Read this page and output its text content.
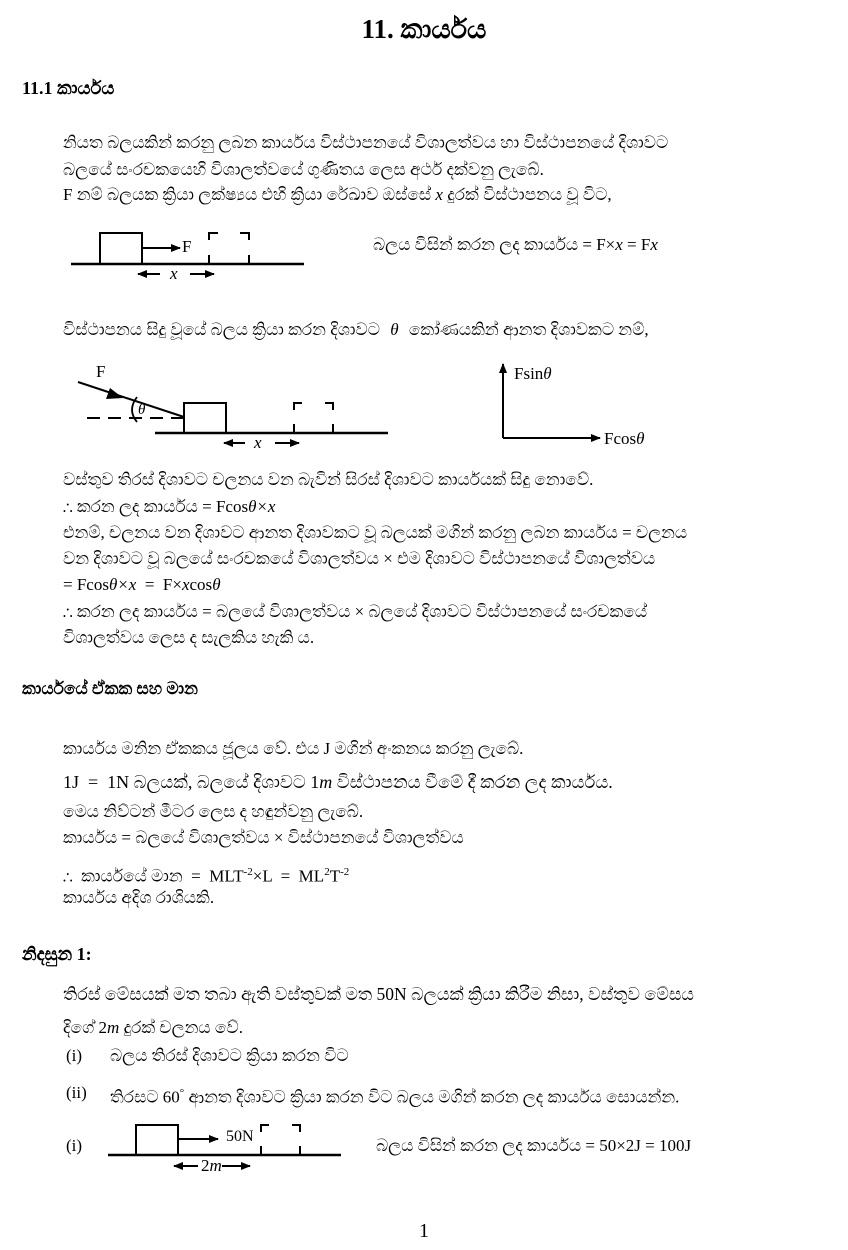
11. කාර්යය
11.1 කාර්යය
නියත බලයකින් කරනු ලබන කාර්යය විස්ථාපනයේ විශාලත්වය හා විස්ථාපනයේ දිශාවට
බලයේ සංරචකයෙහි විශාලත්වයේ ගුණිතය ලෙස අර්ථ දක්වනු ලැබේ.
F නම් බලයක ක්‍රියා ලක්ෂ්‍යය එහි ක්‍රියා රේඛාව ඔස්සේ x දුරක් විස්ථාපනය වූ විට,
F
x
බලය විසින් කරන ලද කාර්යය = F×x = Fx
විස්ථාපනය සිදු වූයේ බලය ක්‍රියා කරන දිශාවට θ කෝණයකින් ආනත දිශාවකට නම්,
F
θ
x
Fsinθ
Fcosθ
වස්තුව තිරස් දිශාවට චලනය වන බැවින් සිරස් දිශාවට කාර්යයක් සිදු නොවේ.
∴ කරන ලද කාර්යය = Fcosθ×x
එනම්, චලනය වන දිශාවට ආනත දිශාවකට වූ බලයක් මගින් කරනු ලබන කාර්යය = චලනය
වන දිශාවට වූ බලයේ සංරචකයේ විශාලත්වය × එම දිශාවට විස්ථාපනයේ විශාලත්වය
= Fcosθ×x  =  F×xcosθ
∴ කරන ලද කාර්යය = බලයේ විශාලත්වය × බලයේ දිශාවට විස්ථාපනයේ සංරචකයේ
විශාලත්වය ලෙස ද සැලකිය හැකි ය.
කාර්යයේ ඒකක සහ මාන
කාර්යය මනින ඒකකය ජූලය වේ. එය J මගින් අංකනය කරනු ලැබේ.
1J  =  1N බලයක්, බලයේ දිශාවට 1m විස්ථාපනය වීමේ දී කරන ලද කාර්යය.
මෙය නිව්ටන් මීටර ලෙස ද හඳුන්වනු ලැබේ.
කාර්යය = බලයේ විශාලත්වය × විස්ථාපනයේ විශාලත්වය
∴  කාර්යයේ මාන  =  $MLT^{-2}\times L = ML^2T^{-2}$
කාර්යය අදිශ රාශියකි.
නිදසුන 1:
තිරස් මේසයක් මත තබා ඇති වස්තුවක් මත 50N බලයක් ක්‍රියා කිරීම නිසා, වස්තුව මේසය
දිගේ 2m දුරක් චලනය වේ.
(i) බලය තිරස් දිශාවට ක්‍රියා කරන විට
(ii) තිරසට 60° ආනත දිශාවට ක්‍රියා කරන විට බලය මගින් කරන ලද කාර්යය සොයන්න.
(i)	50N
2m
බලය විසින් කරන ලද කාර්යය = 50×2J = 100J
1
